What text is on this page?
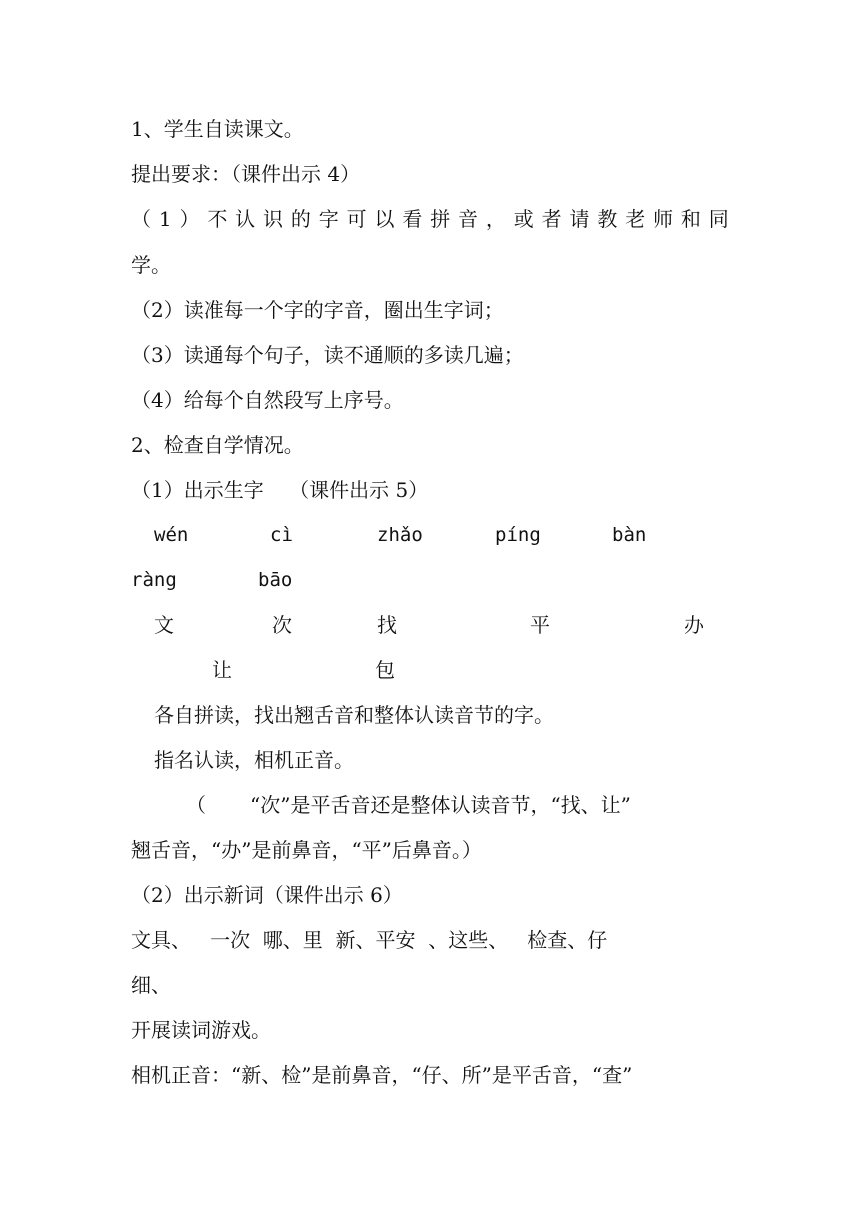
1、学生自读课文。
提出要求：（课件出示 4）
（ 1 ） 不 认 识 的 字 可 以 看 拼 音 ， 或 者 请 教 老 师 和 同
学。
（2）读准每一个字的字音，圈出生字词；
（3）读通每个句子，读不通顺的多读几遍；
（4）给每个自然段写上序号。
2、检查自学情况。
（1）出示生字    （课件出示 5）
wén	cì	zhǎo	píng	bàn
ràng	bāo
文	次	找	平	办
让	包
各自拼读，找出翘舌音和整体认读音节的字。
指名认读，相机正音。
（ “次”是平舌音还是整体认读音节，“找、让”
翘舌音，“办”是前鼻音，“平”后鼻音。）
（2）出示新词（课件出示 6）
文具、   一次  哪、里  新、平安  、这些、   检查、仔
细、
开展读词游戏。
相机正音：“新、检”是前鼻音，“仔、所”是平舌音，“查”
